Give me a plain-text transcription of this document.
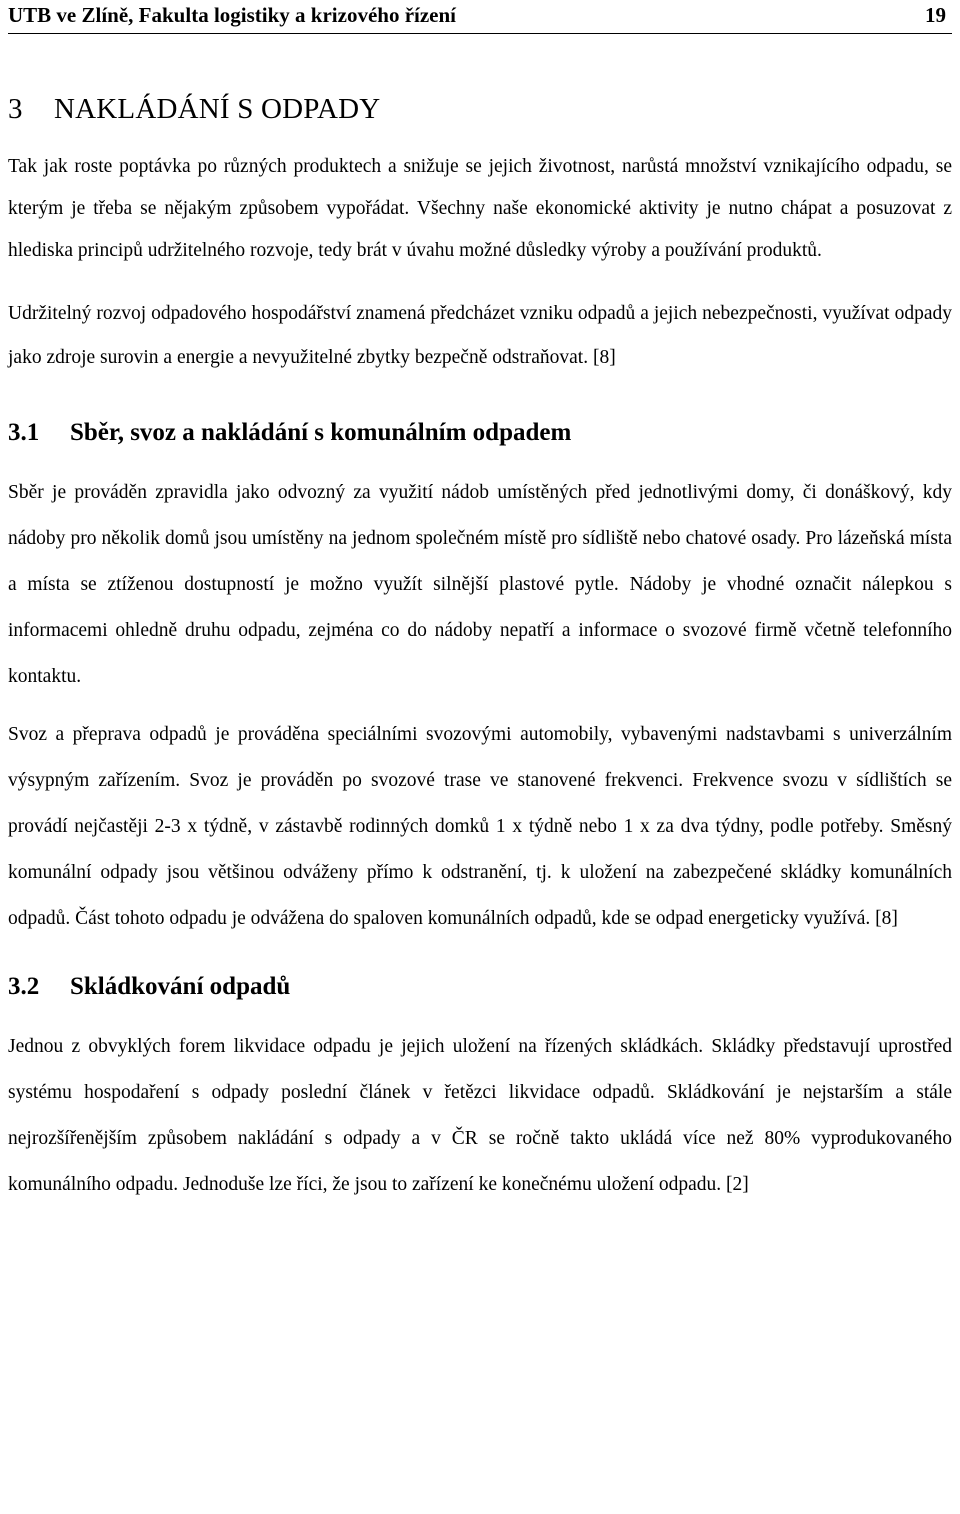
UTB ve Zlíně, Fakulta logistiky a krizového řízení	19
3 NAKLÁDÁNÍ S ODPADY

Tak jak roste poptávka po různých produktech a snižuje se jejich životnost, narůstá množství vznikajícího odpadu, se kterým je třeba se nějakým způsobem vypořádat. Všechny naše ekonomické aktivity je nutno chápat a posuzovat z hlediska principů udržitelného rozvoje, tedy brát v úvahu možné důsledky výroby a používání produktů.

Udržitelný rozvoj odpadového hospodářství znamená předcházet vzniku odpadů a jejich nebezpečnosti, využívat odpady jako zdroje surovin a energie a nevyužitelné zbytky bezpečně odstraňovat. [8]

3.1 Sběr, svoz a nakládání s komunálním odpadem

Sběr je prováděn zpravidla jako odvozný za využití nádob umístěných před jednotlivými domy, či donáškový, kdy nádoby pro několik domů jsou umístěny na jednom společném místě pro sídliště nebo chatové osady. Pro lázeňská místa a místa se ztíženou dostupností je možno využít silnější plastové pytle. Nádoby je vhodné označit nálepkou s informacemi ohledně druhu odpadu, zejména co do nádoby nepatří a informace o svozové firmě včetně telefonního kontaktu.

Svoz a přeprava odpadů je prováděna speciálními svozovými automobily, vybavenými nadstavbami s univerzálním výsypným zařízením. Svoz je prováděn po svozové trase ve stanovené frekvenci. Frekvence svozu v sídlištích se provádí nejčastěji 2-3 x týdně, v zástavbě rodinných domků 1 x týdně nebo 1 x za dva týdny, podle potřeby. Směsný komunální odpady jsou většinou odváženy přímo k odstranění, tj. k uložení na zabezpečené skládky komunálních odpadů. Část tohoto odpadu je odvážena do spaloven komunálních odpadů, kde se odpad energeticky využívá. [8]

3.2 Skládkování odpadů

Jednou z obvyklých forem likvidace odpadu je jejich uložení na řízených skládkách. Skládky představují uprostřed systému hospodaření s odpady poslední článek v řetězci likvidace odpadů. Skládkování je nejstarším a stále nejrozšířenějším způsobem nakládání s odpady a v ČR se ročně takto ukládá více než 80% vyprodukovaného komunálního odpadu. Jednoduše lze říci, že jsou to zařízení ke konečnému uložení odpadu. [2]
